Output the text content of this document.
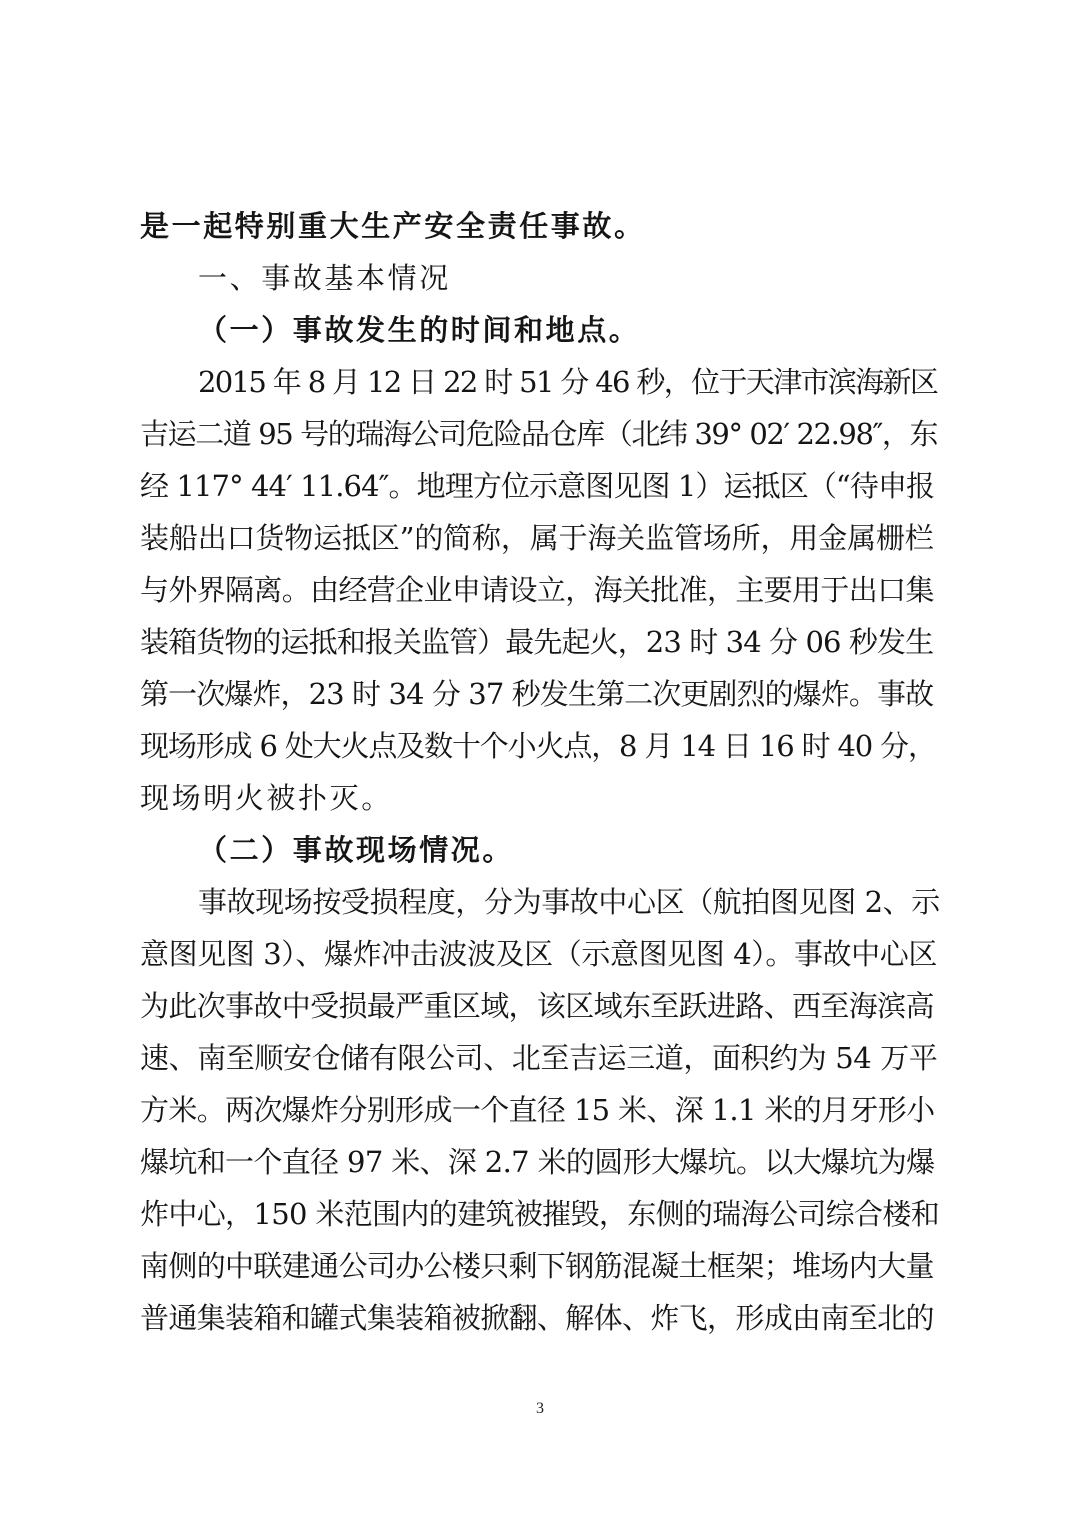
是一起特别重大生产安全责任事故。
一、事故基本情况
（一）事故发生的时间和地点。
2015 年 8 月 12 日 22 时 51 分 46 秒，位于天津市滨海新区
吉运二道 95 号的瑞海公司危险品仓库（北纬 39° 02′ 22.98″，东
经 117° 44′ 11.64″。地理方位示意图见图 1）运抵区（“待申报
装船出口货物运抵区”的简称，属于海关监管场所，用金属栅栏
与外界隔离。由经营企业申请设立，海关批准，主要用于出口集
装箱货物的运抵和报关监管）最先起火，23 时 34 分 06 秒发生
第一次爆炸，23 时 34 分 37 秒发生第二次更剧烈的爆炸。事故
现场形成 6 处大火点及数十个小火点，8 月 14 日 16 时 40 分，
现场明火被扑灭。
（二）事故现场情况。
事故现场按受损程度，分为事故中心区（航拍图见图 2、示
意图见图 3）、爆炸冲击波波及区（示意图见图 4）。事故中心区
为此次事故中受损最严重区域，该区域东至跃进路、西至海滨高
速、南至顺安仓储有限公司、北至吉运三道，面积约为 54 万平
方米。两次爆炸分别形成一个直径 15 米、深 1.1 米的月牙形小
爆坑和一个直径 97 米、深 2.7 米的圆形大爆坑。以大爆坑为爆
炸中心，150 米范围内的建筑被摧毁，东侧的瑞海公司综合楼和
南侧的中联建通公司办公楼只剩下钢筋混凝土框架；堆场内大量
普通集装箱和罐式集装箱被掀翻、解体、炸飞，形成由南至北的
3
